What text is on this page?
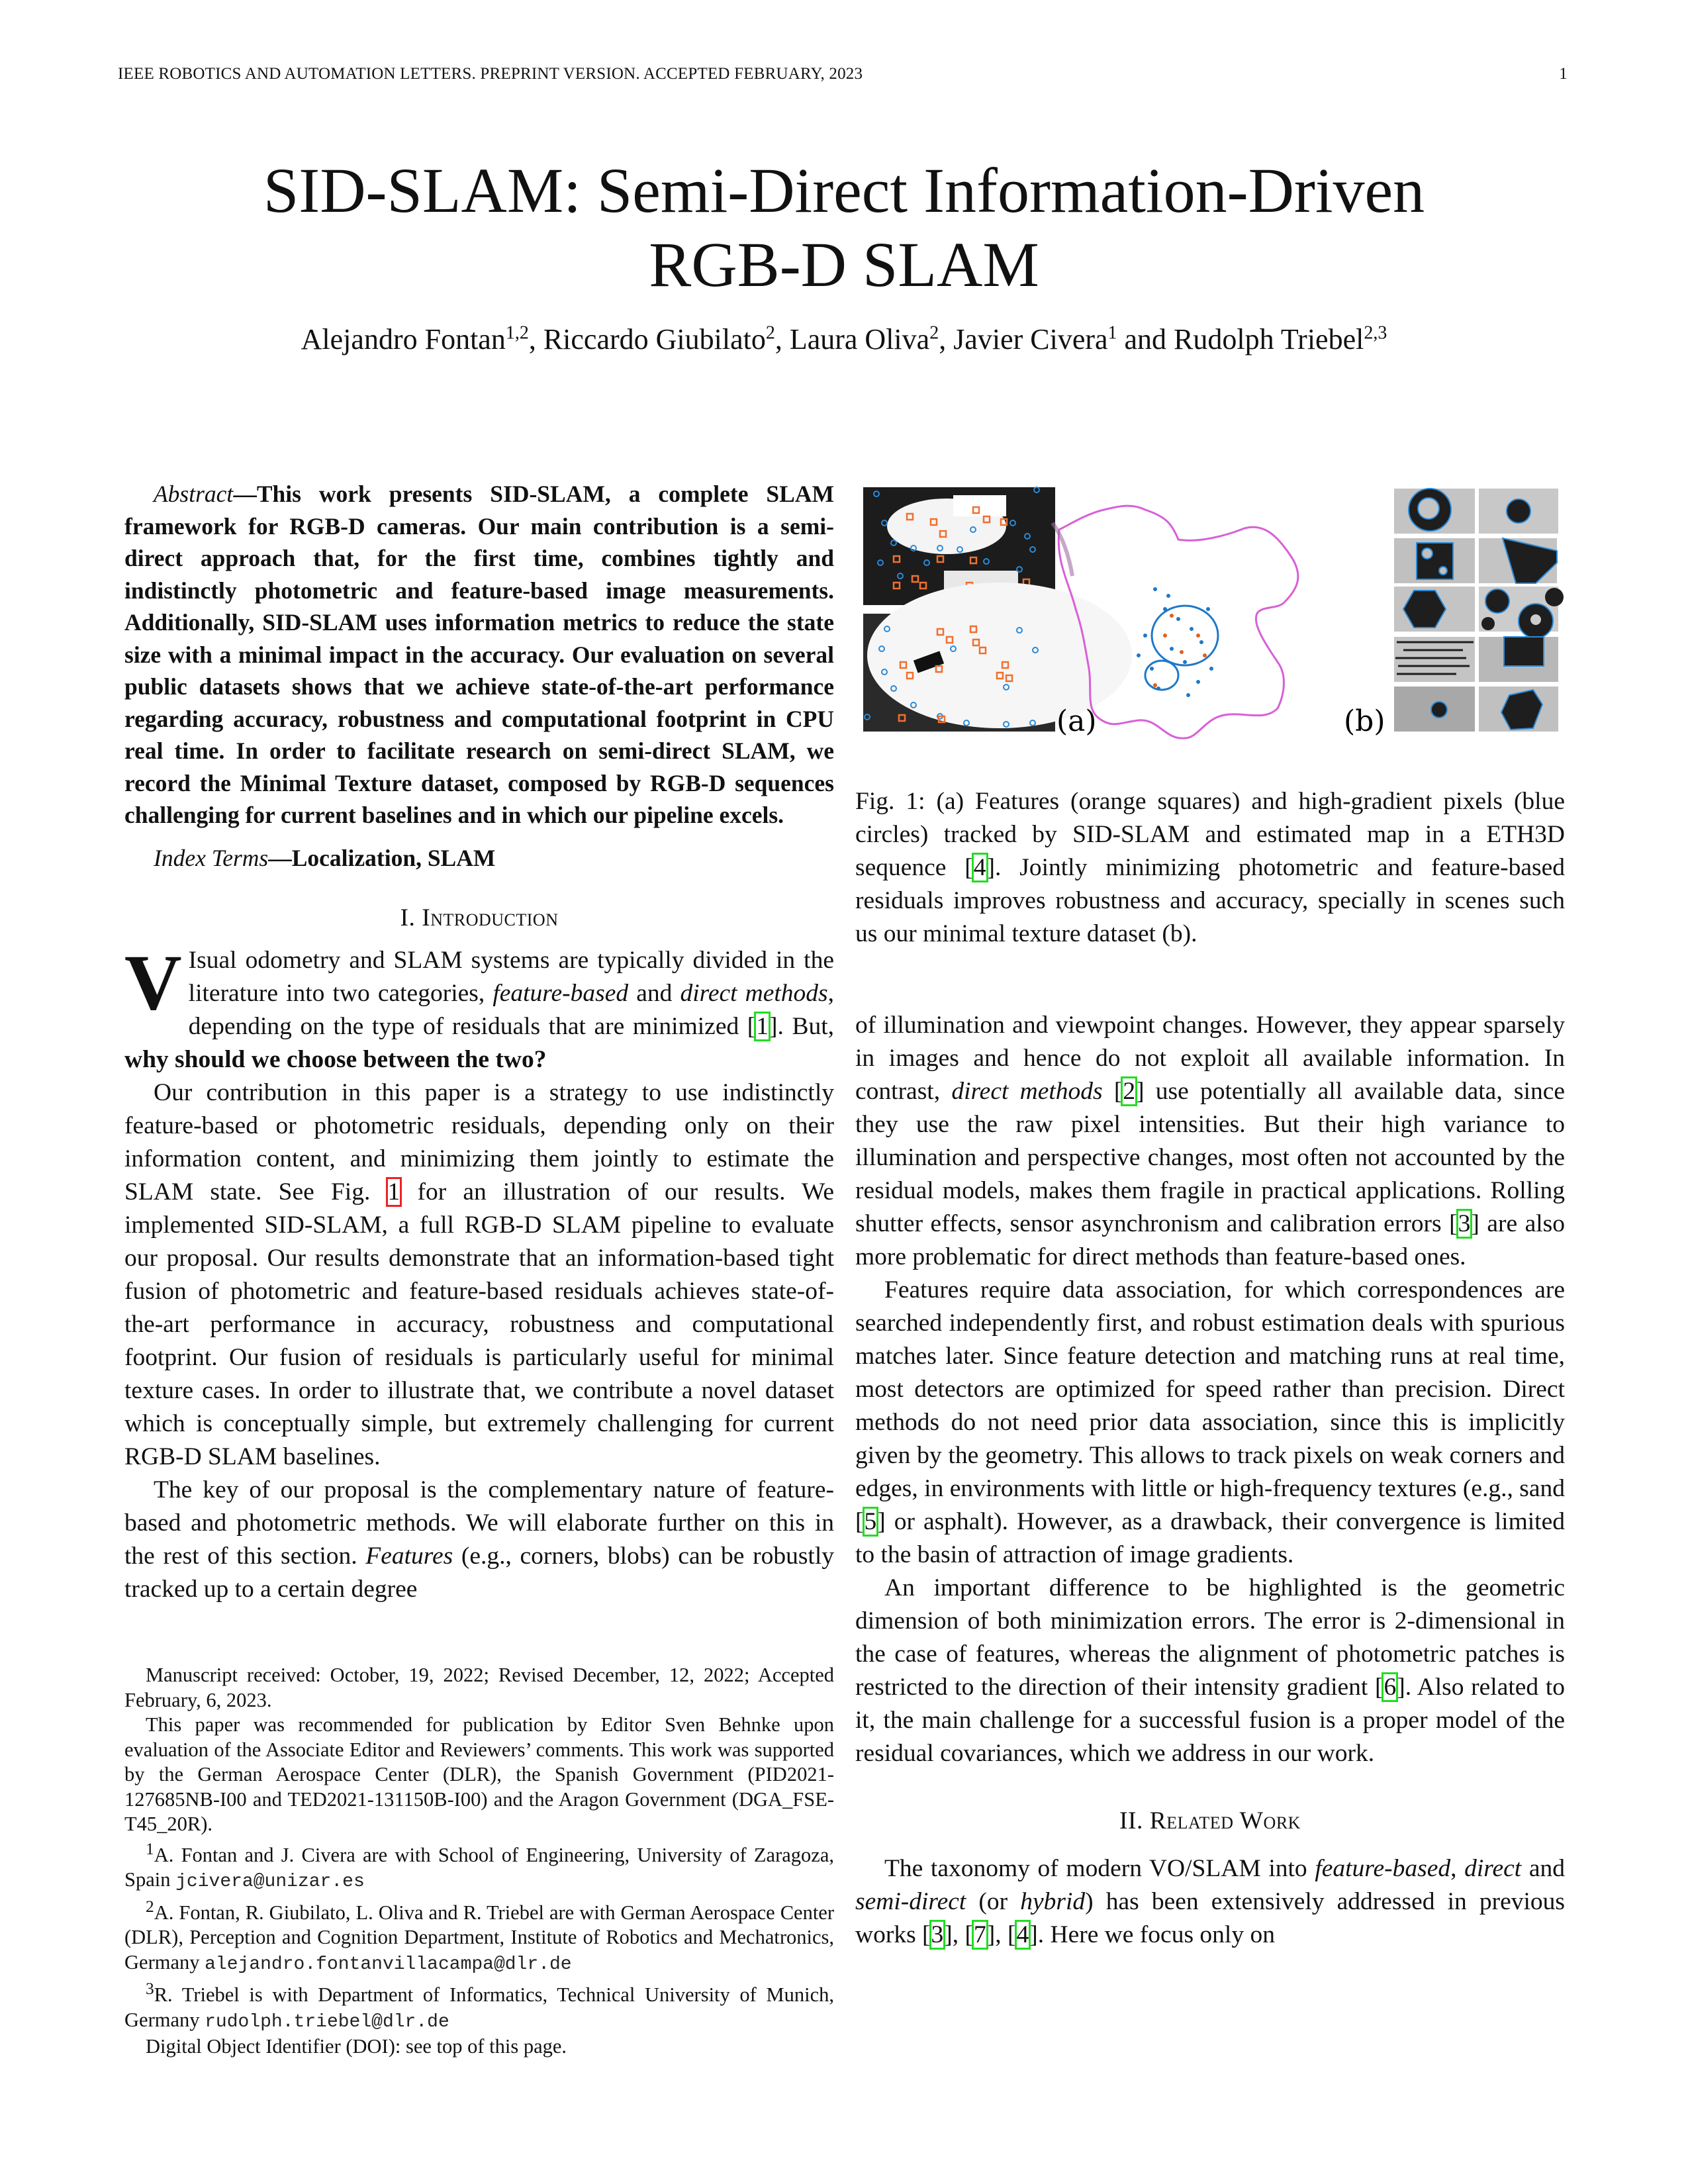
IEEE ROBOTICS AND AUTOMATION LETTERS. PREPRINT VERSION. ACCEPTED FEBRUARY, 2023	1
SID-SLAM: Semi-Direct Information-Driven
RGB-D SLAM
Alejandro Fontan$^{1,2}$, Riccardo Giubilato$^2$, Laura Oliva$^2$, Javier Civera$^1$ and Rudolph Triebel$^{2,3}$

Abstract—This work presents SID-SLAM, a complete SLAM framework for RGB-D cameras. Our main contribution is a semi-direct approach that, for the first time, combines tightly and indistinctly photometric and feature-based image measurements. Additionally, SID-SLAM uses information metrics to reduce the state size with a minimal impact in the accuracy. Our evaluation on several public datasets shows that we achieve state-of-the-art performance regarding accuracy, robustness and computational footprint in CPU real time. In order to facilitate research on semi-direct SLAM, we record the Minimal Texture dataset, composed by RGB-D sequences challenging for current baselines and in which our pipeline excels.

Index Terms—Localization, SLAM

I. Introduction

V Isual odometry and SLAM systems are typically divided in the literature into two categories, feature-based and direct methods, depending on the type of residuals that are minimized [1]. But, why should we choose between the two?

Our contribution in this paper is a strategy to use indistinctly feature-based or photometric residuals, depending only on their information content, and minimizing them jointly to estimate the SLAM state. See Fig. 1 for an illustration of our results. We implemented SID-SLAM, a full RGB-D SLAM pipeline to evaluate our proposal. Our results demonstrate that an information-based tight fusion of photometric and feature-based residuals achieves state-of-the-art performance in accuracy, robustness and computational footprint. Our fusion of residuals is particularly useful for minimal texture cases. In order to illustrate that, we contribute a novel dataset which is conceptually simple, but extremely challenging for current RGB-D SLAM baselines.

The key of our proposal is the complementary nature of feature-based and photometric methods. We will elaborate further on this in the rest of this section. Features (e.g., corners, blobs) can be robustly tracked up to a certain degree

Manuscript received: October, 19, 2022; Revised December, 12, 2022; Accepted February, 6, 2023.

This paper was recommended for publication by Editor Sven Behnke upon evaluation of the Associate Editor and Reviewers’ comments. This work was supported by the German Aerospace Center (DLR), the Spanish Government (PID2021-127685NB-I00 and TED2021-131150B-I00) and the Aragon Government (DGA_FSE-T45_20R).

$^1$A. Fontan and J. Civera are with School of Engineering, University of Zaragoza, Spain jcivera@unizar.es

$^2$A. Fontan, R. Giubilato, L. Oliva and R. Triebel are with German Aerospace Center (DLR), Perception and Cognition Department, Institute of Robotics and Mechatronics, Germany alejandro.fontanvillacampa@dlr.de

$^3$R. Triebel is with Department of Informatics, Technical University of Munich, Germany rudolph.triebel@dlr.de

Digital Object Identifier (DOI): see top of this page.

(a)	(b)

Fig. 1: (a) Features (orange squares) and high-gradient pixels (blue circles) tracked by SID-SLAM and estimated map in a ETH3D sequence [4]. Jointly minimizing photometric and feature-based residuals improves robustness and accuracy, specially in scenes such us our minimal texture dataset (b).

of illumination and viewpoint changes. However, they appear sparsely in images and hence do not exploit all available information. In contrast, direct methods [2] use potentially all available data, since they use the raw pixel intensities. But their high variance to illumination and perspective changes, most often not accounted by the residual models, makes them fragile in practical applications. Rolling shutter effects, sensor asynchronism and calibration errors [3] are also more problematic for direct methods than feature-based ones.

Features require data association, for which correspondences are searched independently first, and robust estimation deals with spurious matches later. Since feature detection and matching runs at real time, most detectors are optimized for speed rather than precision. Direct methods do not need prior data association, since this is implicitly given by the geometry. This allows to track pixels on weak corners and edges, in environments with little or high-frequency textures (e.g., sand [5] or asphalt). However, as a drawback, their convergence is limited to the basin of attraction of image gradients.

An important difference to be highlighted is the geometric dimension of both minimization errors. The error is 2-dimensional in the case of features, whereas the alignment of photometric patches is restricted to the direction of their intensity gradient [6]. Also related to it, the main challenge for a successful fusion is a proper model of the residual covariances, which we address in our work.

II. Related Work

The taxonomy of modern VO/SLAM into feature-based, direct and semi-direct (or hybrid) has been extensively addressed in previous works [3], [7], [4]. Here we focus only on
